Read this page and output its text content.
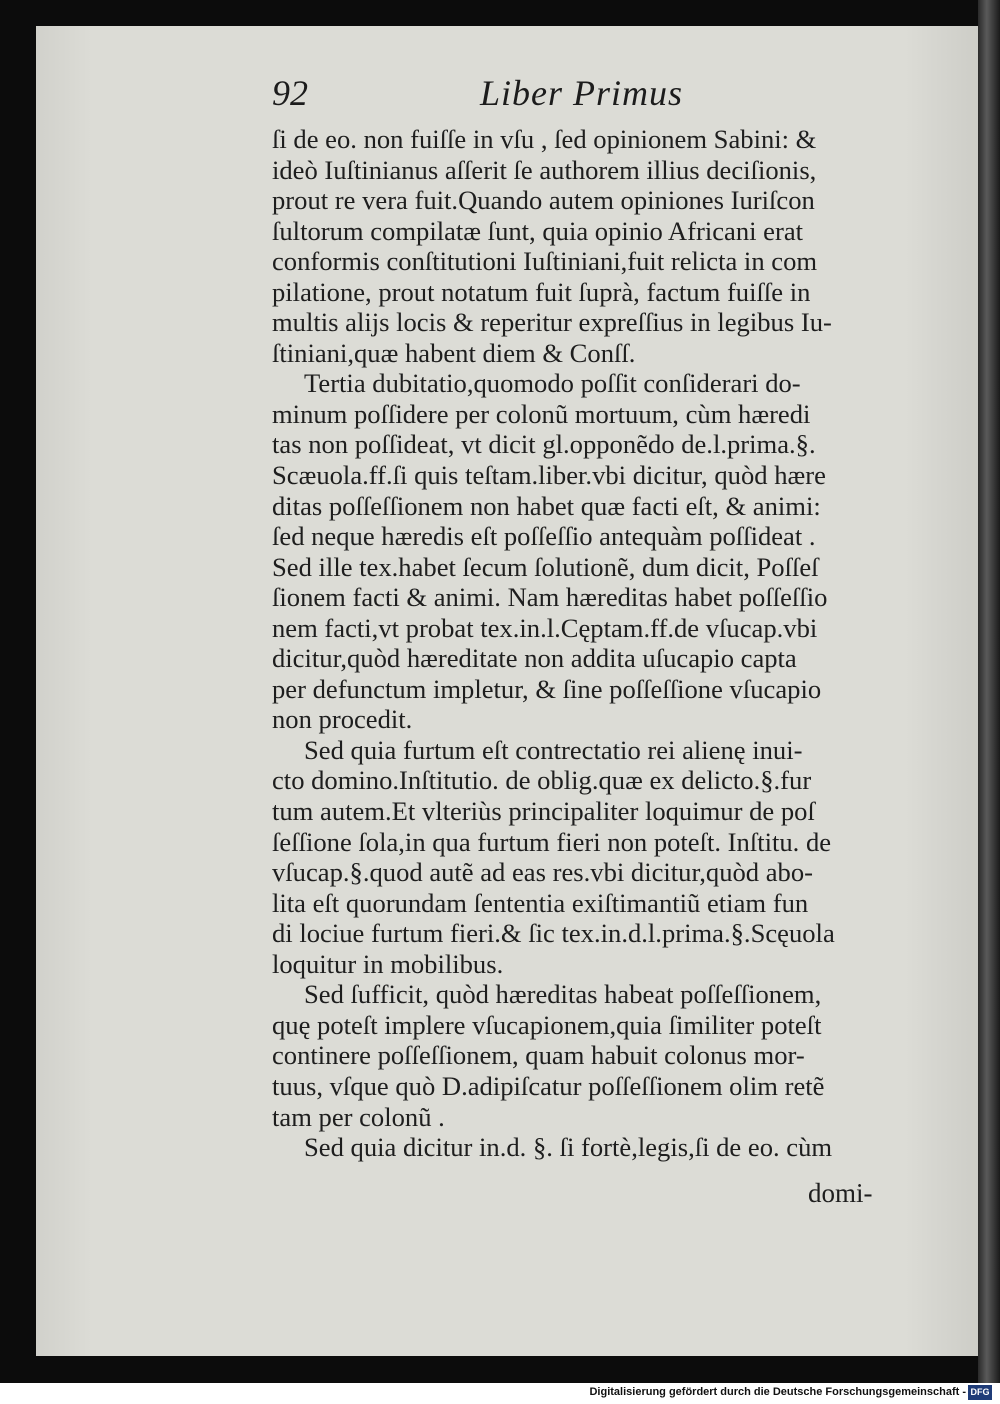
92	Liber Primus
ſi de eo. non fuiſſe in vſu , ſed opinionem Sabini: &
ideò Iuſtinianus aſſerit ſe authorem illius deciſionis,
prout re vera fuit.Quando autem opiniones Iuriſcon
ſultorum compilatæ ſunt, quia opinio Africani erat
conformis conſtitutioni Iuſtiniani,fuit relicta in com
pilatione, prout notatum fuit ſuprà, factum fuiſſe in
multis alijs locis & reperitur expreſſius in legibus Iu-
ſtiniani,quæ habent diem & Conſſ.
Tertia dubitatio,quomodo poſſit conſiderari do-
minum poſſidere per colonũ mortuum, cùm hæredi
tas non poſſideat, vt dicit gl.opponẽdo de.l.prima.§.
Scæuola.ff.ſi quis teſtam.liber.vbi dicitur, quòd hære
ditas poſſeſſionem non habet quæ facti eſt, & animi:
ſed neque hæredis eſt poſſeſſio antequàm poſſideat .
Sed ille tex.habet ſecum ſolutionẽ, dum dicit, Poſſeſ
ſionem facti & animi. Nam hæreditas habet poſſeſſio
nem facti,vt probat tex.in.l.Cęptam.ff.de vſucap.vbi
dicitur,quòd hæreditate non addita uſucapio capta
per defunctum impletur, & ſine poſſeſſione vſucapio
non procedit.
Sed quia furtum eſt contrectatio rei alienę inui-
cto domino.Inſtitutio. de oblig.quæ ex delicto.§.fur
tum autem.Et vlteriùs principaliter loquimur de poſ
ſeſſione ſola,in qua furtum fieri non poteſt. Inſtitu. de
vſucap.§.quod autẽ ad eas res.vbi dicitur,quòd abo-
lita eſt quorundam ſententia exiſtimantiũ etiam fun
di lociue furtum fieri.& ſic tex.in.d.l.prima.§.Scęuola
loquitur in mobilibus.
Sed ſufficit, quòd hæreditas habeat poſſeſſionem,
quę poteſt implere vſucapionem,quia ſimiliter poteſt
continere poſſeſſionem, quam habuit colonus mor-
tuus, vſque quò D.adipiſcatur poſſeſſionem olim retẽ
tam per colonũ .
Sed quia dicitur in.d. §. ſi fortè,legis,ſi de eo. cùm
domi-
Digitalisierung gefördert durch die Deutsche Forschungsgemeinschaft - DFG
